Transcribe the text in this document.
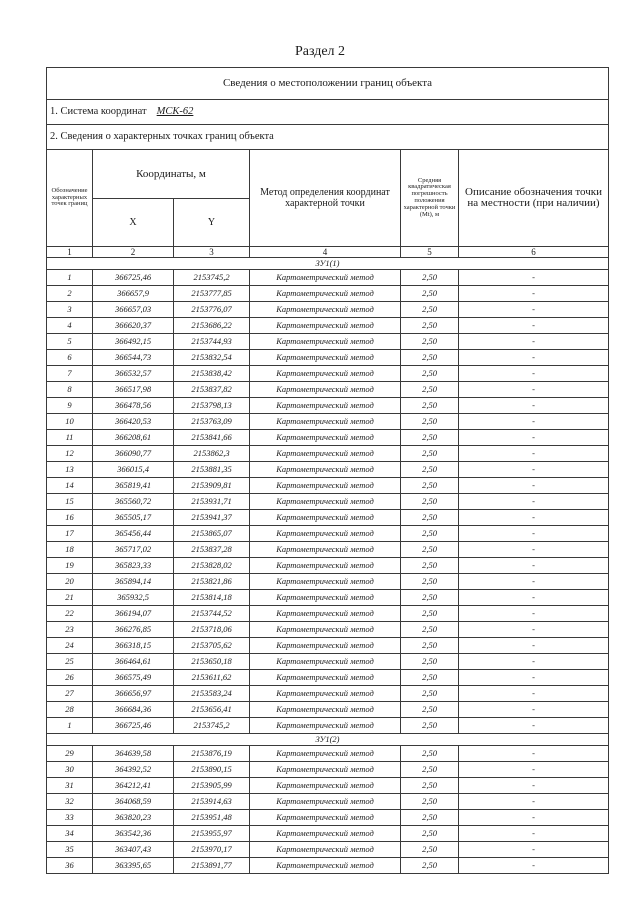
Раздел 2
Сведения о местоположении границ объекта					
1. Система координат МСК-62					
2. Сведения о характерных точках границ объекта					
Обозначение характерных точек границ	Координаты, м		Метод определения координат характерной точки	Средняя квадратическая погрешность положения характерной точки (Mt), м	Описание обозначения точки на местности (при наличии)
	X	Y			
1	2	3	4	5	6
ЗУ1(1)					
1	366725,46	2153745,2	Картометрический метод	2,50	-
2	366657,9	2153777,85	Картометрический метод	2,50	-
3	366657,03	2153776,07	Картометрический метод	2,50	-
4	366620,37	2153686,22	Картометрический метод	2,50	-
5	366492,15	2153744,93	Картометрический метод	2,50	-
6	366544,73	2153832,54	Картометрический метод	2,50	-
7	366532,57	2153838,42	Картометрический метод	2,50	-
8	366517,98	2153837,82	Картометрический метод	2,50	-
9	366478,56	2153798,13	Картометрический метод	2,50	-
10	366420,53	2153763,09	Картометрический метод	2,50	-
11	366208,61	2153841,66	Картометрический метод	2,50	-
12	366090,77	2153862,3	Картометрический метод	2,50	-
13	366015,4	2153881,35	Картометрический метод	2,50	-
14	365819,41	2153909,81	Картометрический метод	2,50	-
15	365560,72	2153931,71	Картометрический метод	2,50	-
16	365505,17	2153941,37	Картометрический метод	2,50	-
17	365456,44	2153865,07	Картометрический метод	2,50	-
18	365717,02	2153837,28	Картометрический метод	2,50	-
19	365823,33	2153828,02	Картометрический метод	2,50	-
20	365894,14	2153821,86	Картометрический метод	2,50	-
21	365932,5	2153814,18	Картометрический метод	2,50	-
22	366194,07	2153744,52	Картометрический метод	2,50	-
23	366276,85	2153718,06	Картометрический метод	2,50	-
24	366318,15	2153705,62	Картометрический метод	2,50	-
25	366464,61	2153650,18	Картометрический метод	2,50	-
26	366575,49	2153611,62	Картометрический метод	2,50	-
27	366656,97	2153583,24	Картометрический метод	2,50	-
28	366684,36	2153656,41	Картометрический метод	2,50	-
1	366725,46	2153745,2	Картометрический метод	2,50	-
ЗУ1(2)					
29	364639,58	2153876,19	Картометрический метод	2,50	-
30	364392,52	2153890,15	Картометрический метод	2,50	-
31	364212,41	2153905,99	Картометрический метод	2,50	-
32	364068,59	2153914,63	Картометрический метод	2,50	-
33	363820,23	2153951,48	Картометрический метод	2,50	-
34	363542,36	2153955,97	Картометрический метод	2,50	-
35	363407,43	2153970,17	Картометрический метод	2,50	-
36	363395,65	2153891,77	Картометрический метод	2,50	-
